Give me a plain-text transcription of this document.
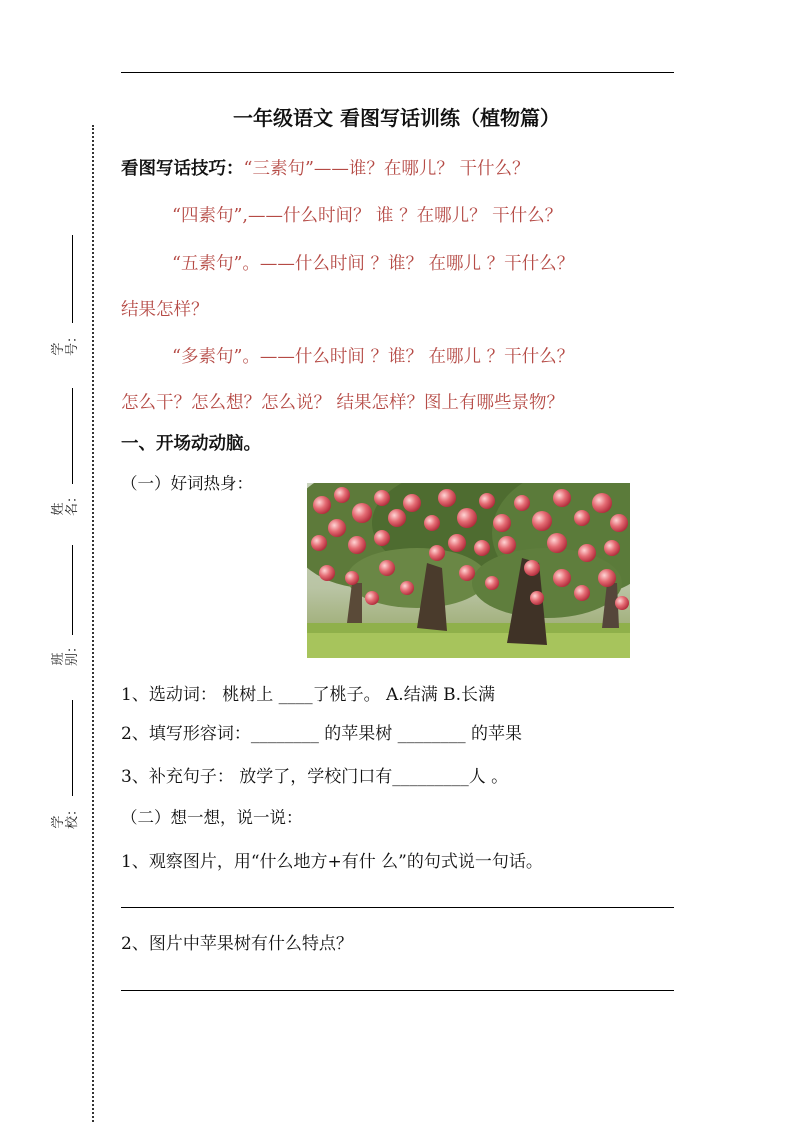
学号：
姓名：
班别：
学校：
一年级语文 看图写话训练（植物篇）
看图写话技巧：“三素句”——谁？在哪儿？ 干什么？
“四素句”,——什么时间？ 谁 ？在哪儿？ 干什么？
“五素句”。——什么时间 ？谁？ 在哪儿 ？干什么？
结果怎样？
“多素句”。——什么时间 ？谁？ 在哪儿 ？干什么？
怎么干？怎么想？怎么说？ 结果怎样？图上有哪些景物？
一、开场动动脑。
（一）好词热身：
1、选动词： 桃树上 ____了桃子。 A.结满 B.长满
2、填写形容词：________ 的苹果树 ________ 的苹果
3、补充句子： 放学了，学校门口有_________人 。
（二）想一想，说一说：
1、观察图片，用“什么地方+有什 么”的句式说一句话。
2、图片中苹果树有什么特点？
